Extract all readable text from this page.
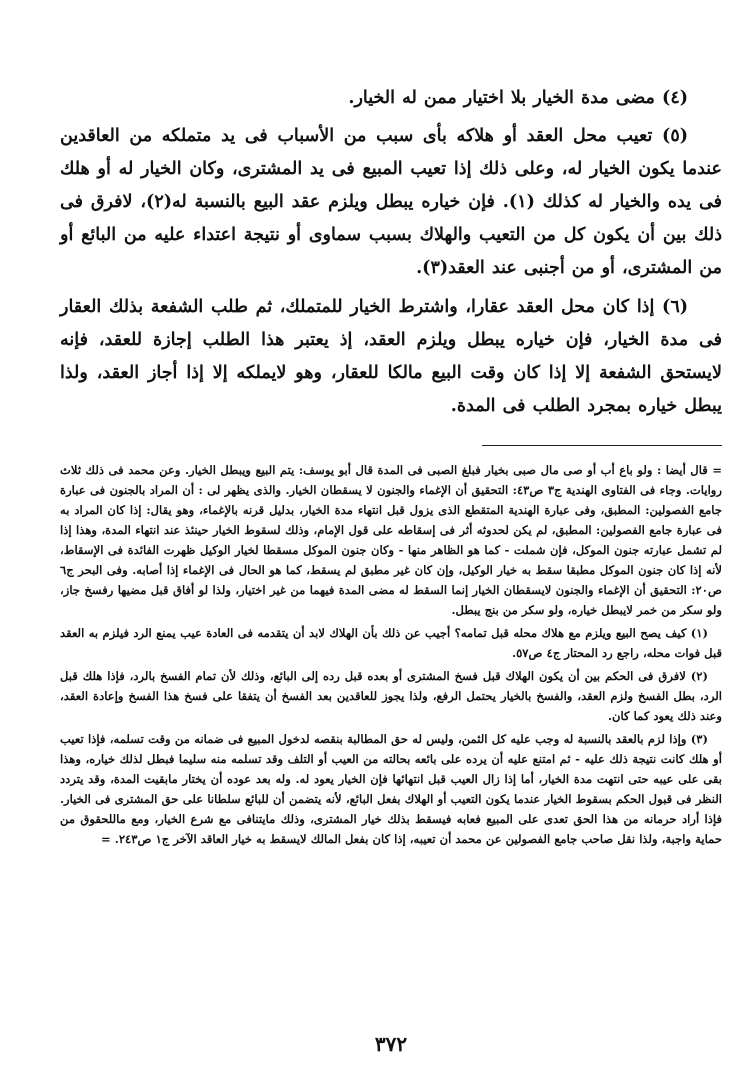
(٤) مضى مدة الخيار بلا اختيار ممن له الخيار.

(٥) تعيب محل العقد أو هلاكه بأى سبب من الأسباب فى يد متملكه من العاقدين عندما يكون الخيار له، وعلى ذلك إذا تعيب المبيع فى يد المشترى، وكان الخيار له أو هلك فى يده والخيار له كذلك (١). فإن خياره يبطل ويلزم عقد البيع بالنسبة له(٢)، لافرق فى ذلك بين أن يكون كل من التعيب والهلاك بسبب سماوى أو نتيجة اعتداء عليه من البائع أو من المشترى، أو من أجنبى عند العقد(٣).

(٦) إذا كان محل العقد عقارا، واشترط الخيار للمتملك، ثم طلب الشفعة بذلك العقار فى مدة الخيار، فإن خياره يبطل ويلزم العقد، إذ يعتبر هذا الطلب إجازة للعقد، فإنه لايستحق الشفعة إلا إذا كان وقت البيع مالكا للعقار، وهو لايملكه إلا إذا أجاز العقد، ولذا يبطل خياره بمجرد الطلب فى المدة.

= قال أيضا : ولو باع أب أو صى مال صبى بخيار فبلغ الصبى فى المدة قال أبو يوسف: يتم البيع ويبطل الخيار. وعن محمد فى ذلك ثلاث روايات. وجاء فى الفتاوى الهندية ج٣ ص٤٣: التحقيق أن الإغماء والجنون لا يسقطان الخيار. والذى يظهر لى : أن المراد بالجنون فى عبارة جامع الفصولين: المطبق، وفى عبارة الهندية المتقطع الذى يزول قبل انتهاء مدة الخيار، بدليل قرنه بالإغماء، وهو يقال: إذا كان المراد به فى عبارة جامع الفصولين: المطبق، لم يكن لحدوثه أثر فى إسقاطه على قول الإمام، وذلك لسقوط الخيار حينئذ عند انتهاء المدة، وهذا إذا لم تشمل عبارته جنون الموكل، فإن شملت - كما هو الظاهر منها - وكان جنون الموكل مسقطا لخيار الوكيل ظهرت الفائدة فى الإسقاط، لأنه إذا كان جنون الموكل مطبقا سقط به خيار الوكيل، وإن كان غير مطبق لم يسقط، كما هو الحال فى الإغماء إذا أصابه. وفى البحر ج٦ ص٢٠: التحقيق أن الإغماء والجنون لايسقطان الخيار إنما السقط له مضى المدة فيهما من غير اختيار، ولذا لو أفاق قبل مضيها رفسخ جاز، ولو سكر من خمر لايبطل خياره، ولو سكر من بنج يبطل.

(١) كيف يصح البيع ويلزم مع هلاك محله قبل تمامه؟ أجيب عن ذلك بأن الهلاك لابد أن يتقدمه فى العادة عيب يمنع الرد فيلزم به العقد قبل فوات محله، راجع رد المحتار ج٤ ص٥٧.

(٢) لافرق فى الحكم بين أن يكون الهلاك قبل فسخ المشترى أو بعده قبل رده إلى البائع، وذلك لأن تمام الفسخ بالرد، فإذا هلك قبل الرد، بطل الفسخ ولزم العقد، والفسخ بالخيار يحتمل الرفع، ولذا يجوز للعاقدين بعد الفسخ أن يتفقا على فسخ هذا الفسخ وإعادة العقد، وعند ذلك يعود كما كان.

(٣) وإذا لزم بالعقد بالنسبة له وجب عليه كل الثمن، وليس له حق المطالبة بنقصه لدخول المبيع فى ضمانه من وقت تسلمه، فإذا تعيب أو هلك كانت نتيجة ذلك عليه - ثم امتنع عليه أن يرده على بائعه بحالته من العيب أو التلف وقد تسلمه منه سليما فبطل لذلك خياره، وهذا بقى على عيبه حتى انتهت مدة الخيار، أما إذا زال العيب قبل انتهائها فإن الخيار يعود له. وله بعد عوده أن يختار مابقيت المدة، وقد يتردد النظر فى قبول الحكم بسقوط الخيار عندما يكون التعيب أو الهلاك بفعل البائع، لأنه يتضمن أن للبائع سلطانا على حق المشترى فى الخيار. فإذا أراد حرمانه من هذا الحق تعدى على المبيع فعابه فيسقط بذلك خيار المشترى، وذلك مايتنافى مع شرع الخيار، ومع ماللحقوق من حماية واجبة، ولذا نقل صاحب جامع الفصولين عن محمد أن تعيبه، إذا كان بفعل المالك لايسقط به خيار العاقد الآخر ج١ ص٢٤٣. =

٣٧٢
